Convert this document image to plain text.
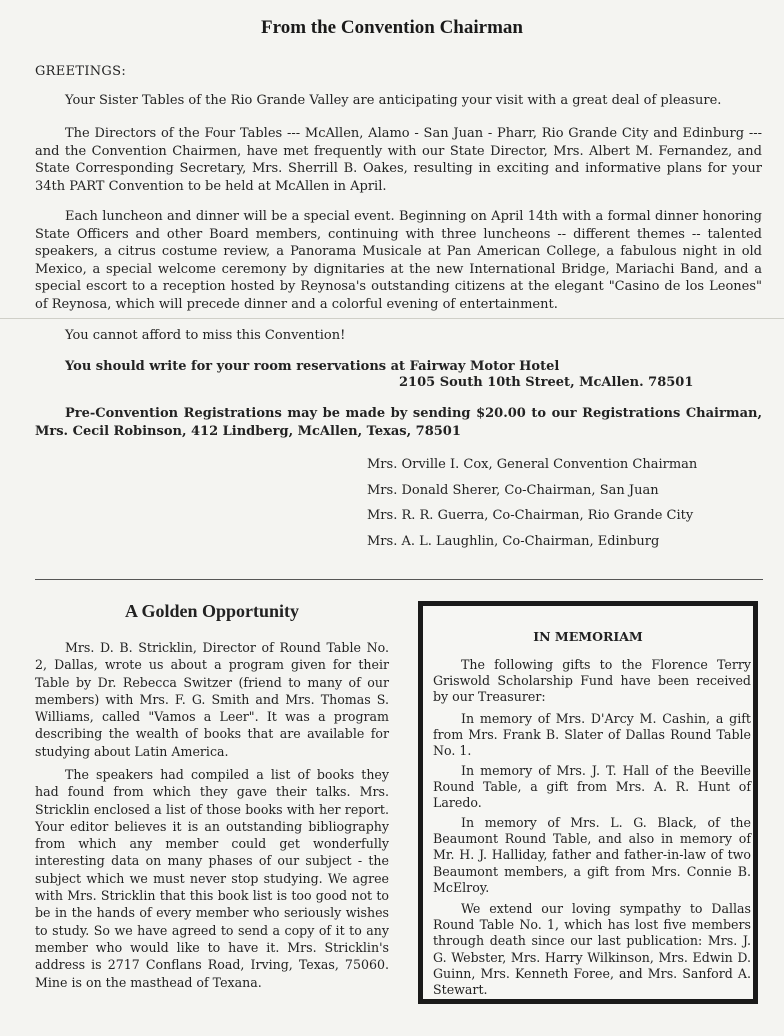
From the Convention Chairman
GREETINGS:
Your Sister Tables of the Rio Grande Valley are anticipating your visit with a great deal of pleasure.
The Directors of the Four Tables --- McAllen, Alamo - San Juan - Pharr, Rio Grande City and Edinburg --- and the Convention Chairmen, have met frequently with our State Director, Mrs. Albert M. Fernandez, and State Corresponding Secretary, Mrs. Sherrill B. Oakes, resulting in exciting and informative plans for your 34th PART Convention to be held at McAllen in April.
Each luncheon and dinner will be a special event. Beginning on April 14th with a formal dinner honoring State Officers and other Board members, continuing with three luncheons -- different themes -- talented speakers, a citrus costume review, a Panorama Musicale at Pan American College, a fabulous night in old Mexico, a special welcome ceremony by dignitaries at the new International Bridge, Mariachi Band, and a special escort to a reception hosted by Reynosa's outstanding citizens at the elegant "Casino de los Leones" of Reynosa, which will precede dinner and a colorful evening of entertainment.
You cannot afford to miss this Convention!
You should write for your room reservations at Fairway Motor Hotel
2105 South 10th Street, McAllen. 78501
Pre-Convention Registrations may be made by sending $20.00 to our Registrations Chairman, Mrs. Cecil Robinson, 412 Lindberg, McAllen, Texas, 78501
Mrs. Orville I. Cox, General Convention Chairman
Mrs. Donald Sherer, Co-Chairman, San Juan
Mrs. R. R. Guerra, Co-Chairman, Rio Grande City
Mrs. A. L. Laughlin, Co-Chairman, Edinburg
A Golden Opportunity
Mrs. D. B. Stricklin, Director of Round Table No. 2, Dallas, wrote us about a program given for their Table by Dr. Rebecca Switzer (friend to many of our members) with Mrs. F. G. Smith and Mrs. Thomas S. Williams, called "Vamos a Leer". It was a program describing the wealth of books that are available for studying about Latin America.
The speakers had compiled a list of books they had found from which they gave their talks. Mrs. Stricklin enclosed a list of those books with her report. Your editor believes it is an outstanding bibliography from which any member could get wonderfully interesting data on many phases of our subject - the subject which we must never stop studying. We agree with Mrs. Stricklin that this book list is too good not to be in the hands of every member who seriously wishes to study. So we have agreed to send a copy of it to any member who would like to have it. Mrs. Stricklin's address is 2717 Conflans Road, Irving, Texas, 75060. Mine is on the masthead of Texana.
IN MEMORIAM
The following gifts to the Florence Terry Griswold Scholarship Fund have been received by our Treasurer:
In memory of Mrs. D'Arcy M. Cashin, a gift from Mrs. Frank B. Slater of Dallas Round Table No. 1.
In memory of Mrs. J. T. Hall of the Beeville Round Table, a gift from Mrs. A. R. Hunt of Laredo.
In memory of Mrs. L. G. Black, of the Beaumont Round Table, and also in memory of Mr. H. J. Halliday, father and father-in-law of two Beaumont members, a gift from Mrs. Connie B. McElroy.
We extend our loving sympathy to Dallas Round Table No. 1, which has lost five members through death since our last publication: Mrs. J. G. Webster, Mrs. Harry Wilkinson, Mrs. Edwin D. Guinn, Mrs. Kenneth Foree, and Mrs. Sanford A. Stewart.
